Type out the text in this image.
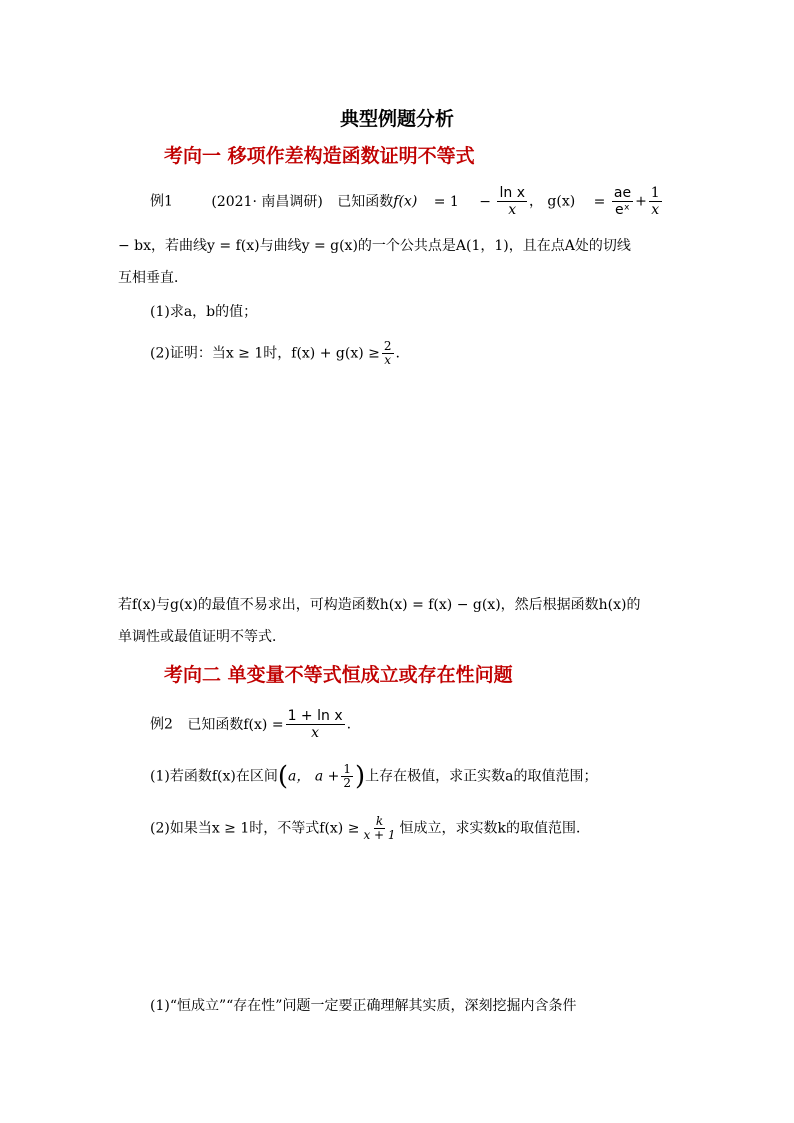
典型例题分析
考向一 移项作差构造函数证明不等式
例1	(2021· 南昌调研) 已知函数$f(x) = 1 - \frac{\text{ln x}}{x}$ ， $g(x) = \frac{ae}{\text{eˣ}} + \frac{1}{x}$
− bx，若曲线y = f(x)与曲线y = g(x)的一个公共点是A(1，1)，且在点A处的切线
互相垂直．
(1)求a，b的值；
(2)证明：当x ≥ 1时，$f(x) + g(x) \ge \frac{2}{x}$ .
若f(x)与g(x)的最值不易求出，可构造函数h(x) = f(x) − g(x)，然后根据函数h(x)的
单调性或最值证明不等式．
考向二 单变量不等式恒成立或存在性问题
例2 已知函数$f(x) = \frac{\text{1 + ln x}}{x}$ .
(1)若函数f(x)在区间(a， $a + \frac{1}{2}$ )上存在极值，求正实数a的取值范围；
(2)如果当x ≥ 1时，不等式$f(x) \ge \frac{k}{x + 1}$ 恒成立，求实数k的取值范围．
(1)“恒成立”“存在性”问题一定要正确理解其实质，深刻挖掘内含条件
